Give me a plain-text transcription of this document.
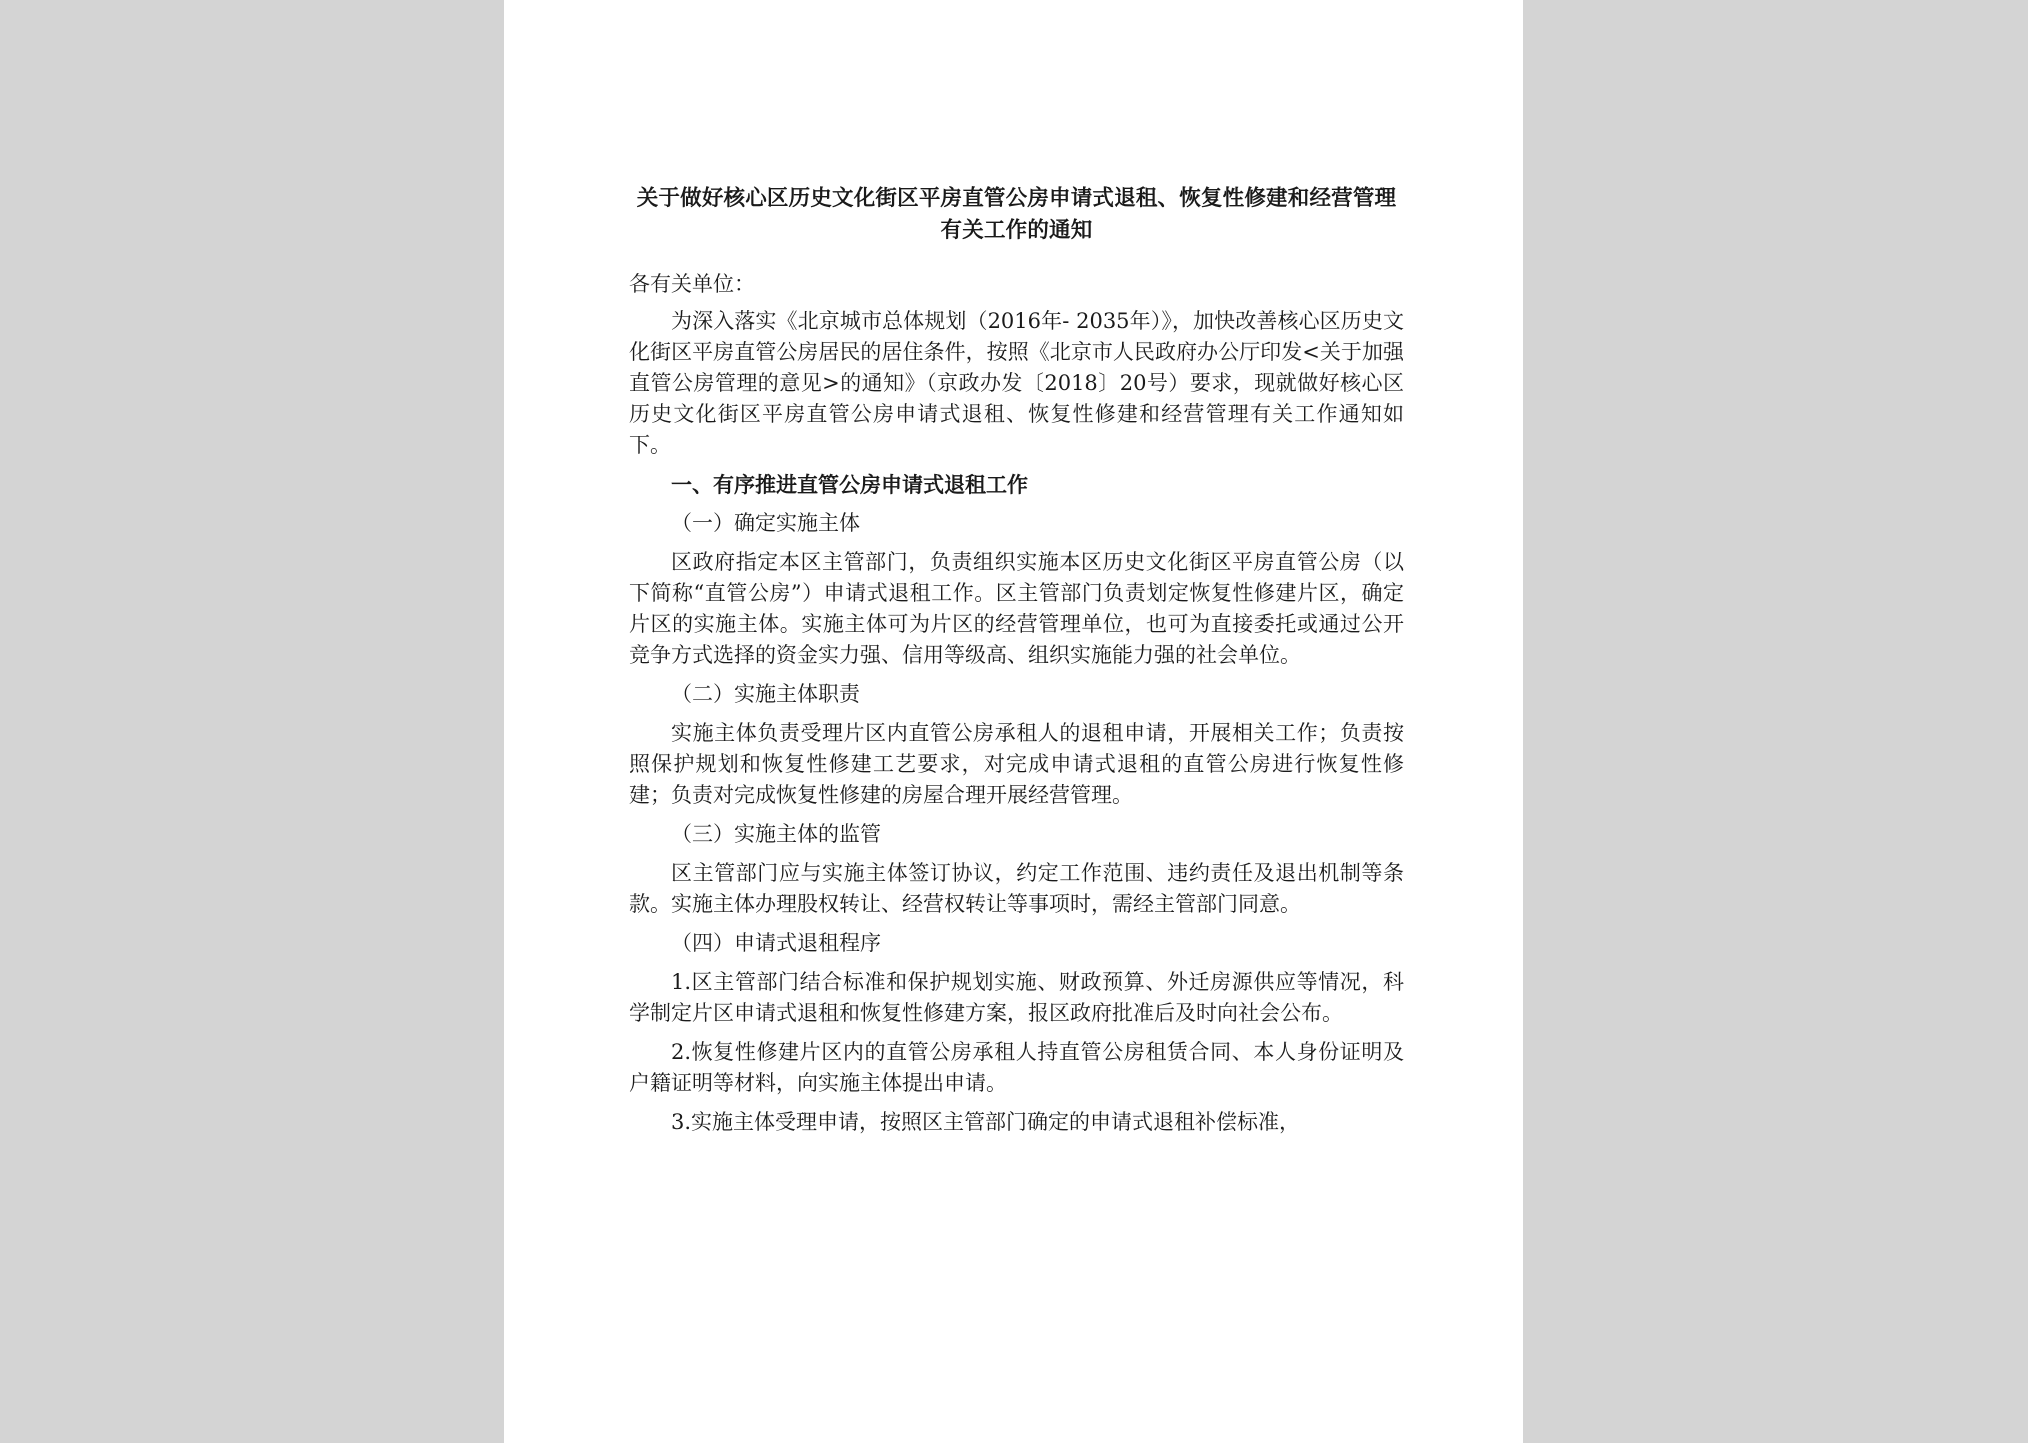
关于做好核心区历史文化街区平房直管公房申请式退租、恢复性修建和经营管理有关工作的通知
各有关单位：
为深入落实《北京城市总体规划（2016年- 2035年）》，加快改善核心区历史文化街区平房直管公房居民的居住条件，按照《北京市人民政府办公厅印发<关于加强直管公房管理的意见>的通知》（京政办发〔2018〕20号）要求，现就做好核心区历史文化街区平房直管公房申请式退租、恢复性修建和经营管理有关工作通知如下。
一、有序推进直管公房申请式退租工作
（一）确定实施主体
区政府指定本区主管部门，负责组织实施本区历史文化街区平房直管公房（以下简称“直管公房”）申请式退租工作。区主管部门负责划定恢复性修建片区，确定片区的实施主体。实施主体可为片区的经营管理单位，也可为直接委托或通过公开竞争方式选择的资金实力强、信用等级高、组织实施能力强的社会单位。
（二）实施主体职责
实施主体负责受理片区内直管公房承租人的退租申请，开展相关工作；负责按照保护规划和恢复性修建工艺要求，对完成申请式退租的直管公房进行恢复性修建；负责对完成恢复性修建的房屋合理开展经营管理。
（三）实施主体的监管
区主管部门应与实施主体签订协议，约定工作范围、违约责任及退出机制等条款。实施主体办理股权转让、经营权转让等事项时，需经主管部门同意。
（四）申请式退租程序
1.区主管部门结合标准和保护规划实施、财政预算、外迁房源供应等情况，科学制定片区申请式退租和恢复性修建方案，报区政府批准后及时向社会公布。
2.恢复性修建片区内的直管公房承租人持直管公房租赁合同、本人身份证明及户籍证明等材料，向实施主体提出申请。
3.实施主体受理申请，按照区主管部门确定的申请式退租补偿标准，
